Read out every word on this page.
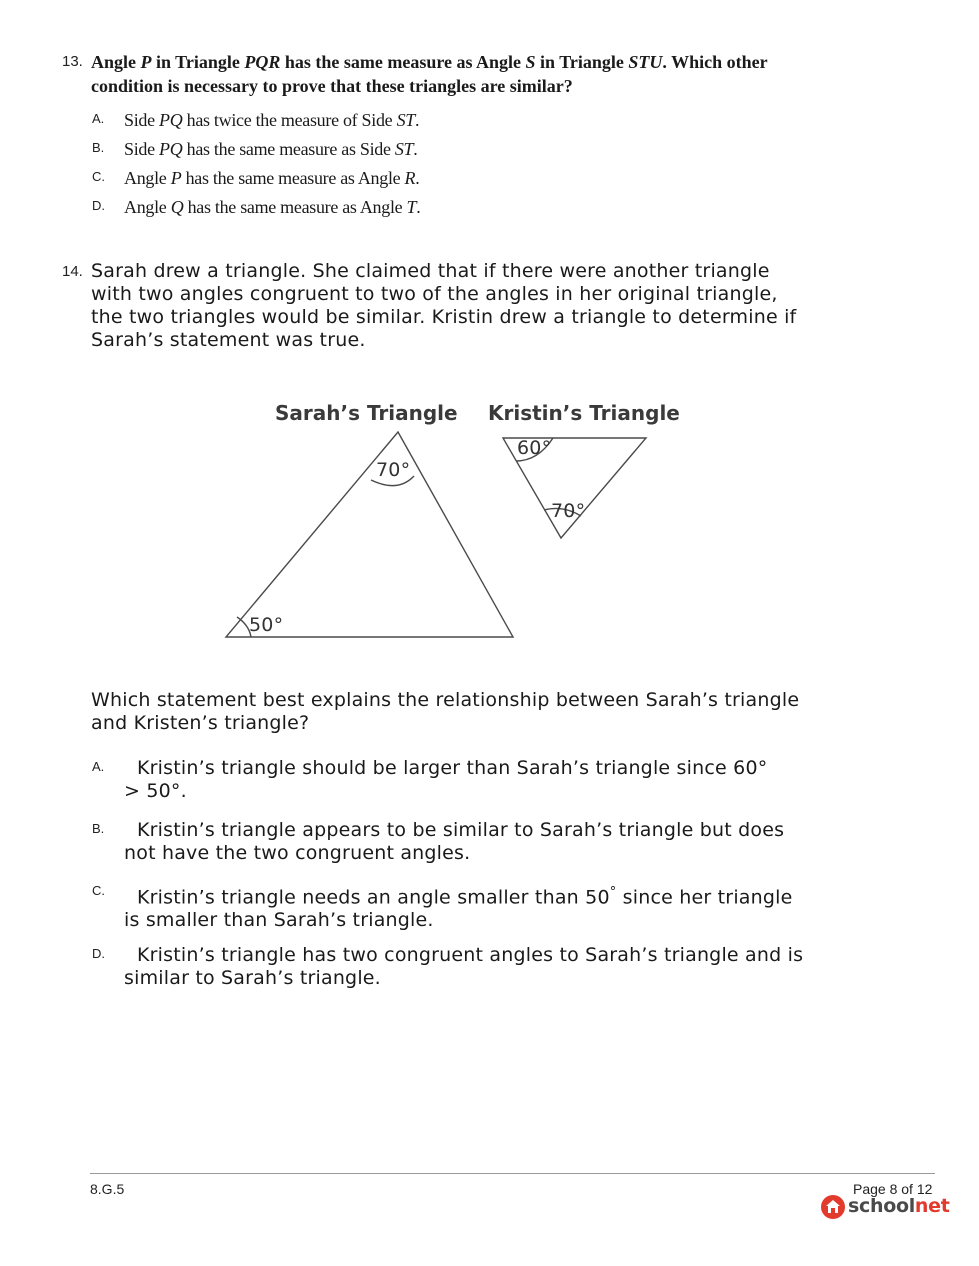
13. Angle P in Triangle PQR has the same measure as Angle S in Triangle STU. Which other
condition is necessary to prove that these triangles are similar?
A. Side PQ has twice the measure of Side ST.
B. Side PQ has the same measure as Side ST.
C. Angle P has the same measure as Angle R.
D. Angle Q has the same measure as Angle T.
14. Sarah drew a triangle. She claimed that if there were another triangle
with two angles congruent to two of the angles in her original triangle,
the two triangles would be similar. Kristin drew a triangle to determine if
Sarah’s statement was true.
Sarah’s Triangle Kristin’s Triangle
70°
50°
60°
70°
Which statement best explains the relationship between Sarah’s triangle
and Kristen’s triangle?
A.	Kristin’s triangle should be larger than Sarah’s triangle since 60°
> 50°.
B.	Kristin’s triangle appears to be similar to Sarah’s triangle but does
not have the two congruent angles.
C.	Kristin’s triangle needs an angle smaller than 50° since her triangle
is smaller than Sarah’s triangle.
D.	Kristin’s triangle has two congruent angles to Sarah’s triangle and is
similar to Sarah’s triangle.
8.G.5	Page 8 of 12
schoolnet
